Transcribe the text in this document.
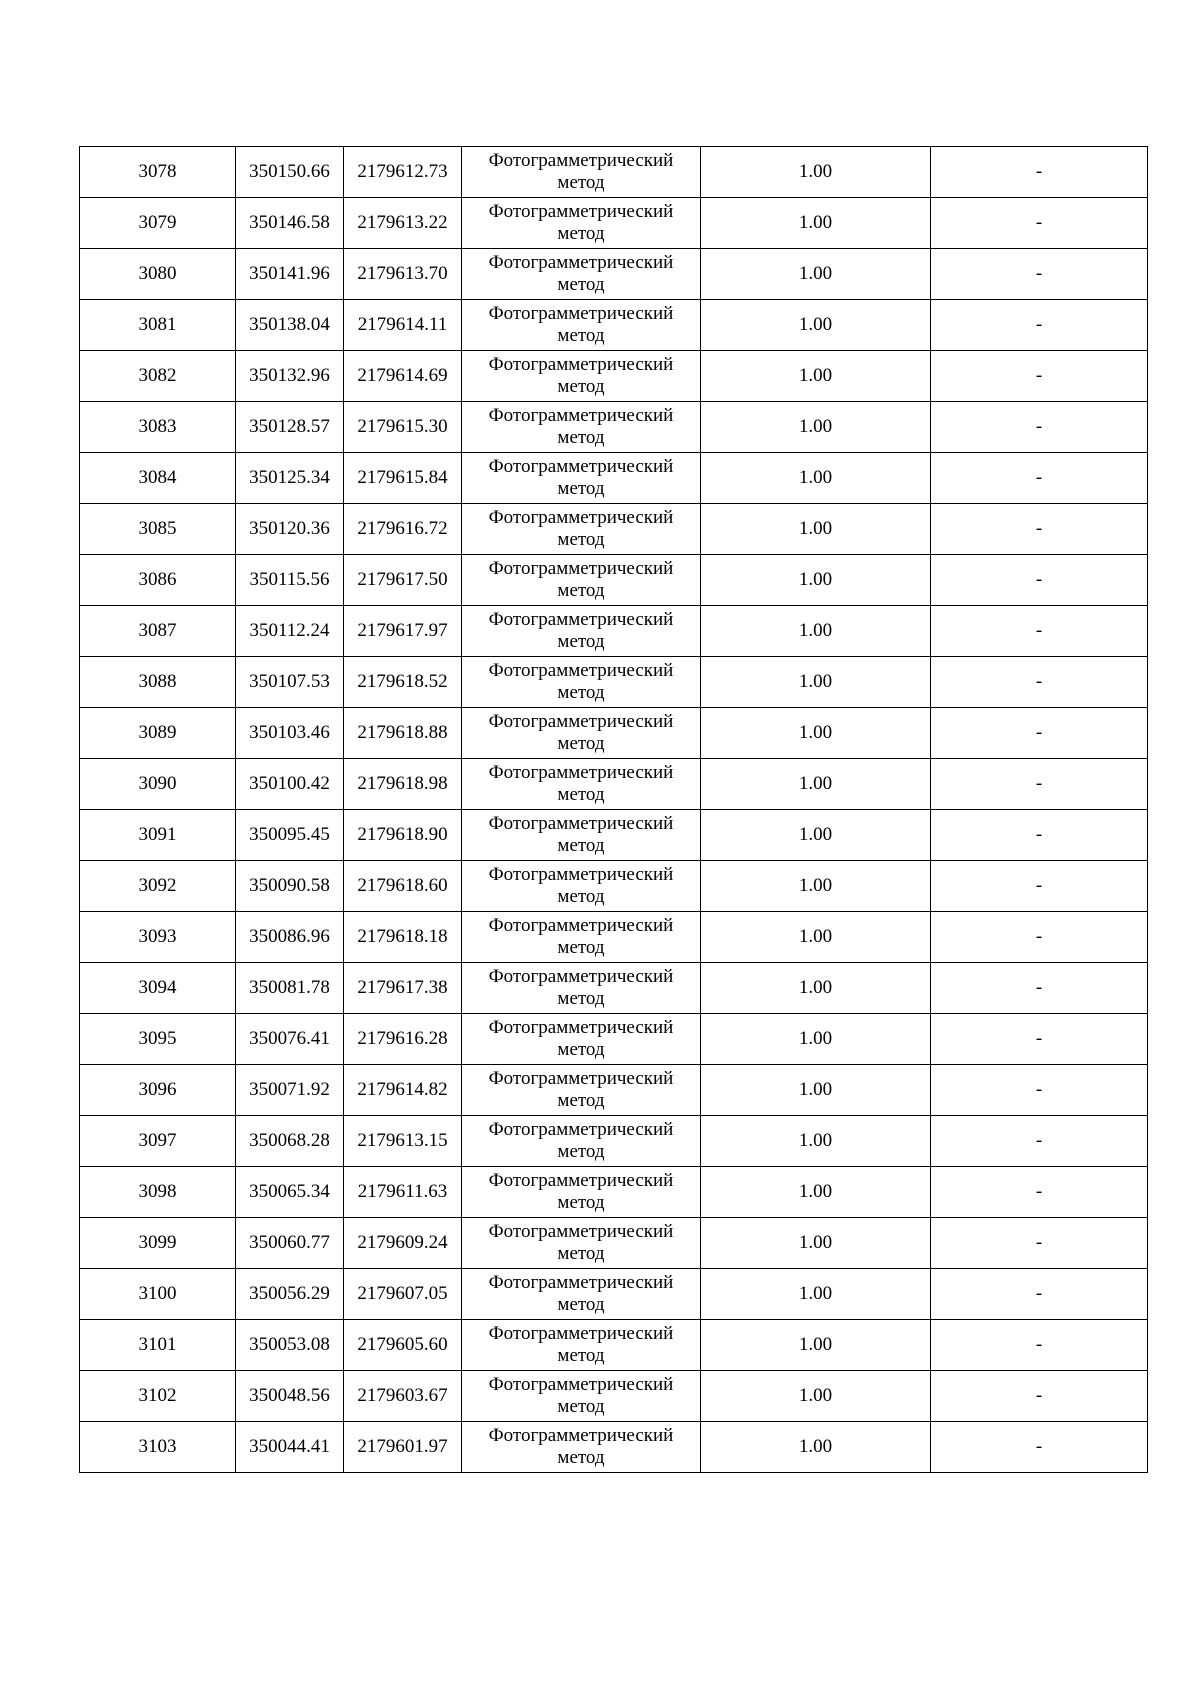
3078	350150.66	2179612.73	Фотограмметрический
метод	1.00	-
3079	350146.58	2179613.22	Фотограмметрический
метод	1.00	-
3080	350141.96	2179613.70	Фотограмметрический
метод	1.00	-
3081	350138.04	2179614.11	Фотограмметрический
метод	1.00	-
3082	350132.96	2179614.69	Фотограмметрический
метод	1.00	-
3083	350128.57	2179615.30	Фотограмметрический
метод	1.00	-
3084	350125.34	2179615.84	Фотограмметрический
метод	1.00	-
3085	350120.36	2179616.72	Фотограмметрический
метод	1.00	-
3086	350115.56	2179617.50	Фотограмметрический
метод	1.00	-
3087	350112.24	2179617.97	Фотограмметрический
метод	1.00	-
3088	350107.53	2179618.52	Фотограмметрический
метод	1.00	-
3089	350103.46	2179618.88	Фотограмметрический
метод	1.00	-
3090	350100.42	2179618.98	Фотограмметрический
метод	1.00	-
3091	350095.45	2179618.90	Фотограмметрический
метод	1.00	-
3092	350090.58	2179618.60	Фотограмметрический
метод	1.00	-
3093	350086.96	2179618.18	Фотограмметрический
метод	1.00	-
3094	350081.78	2179617.38	Фотограмметрический
метод	1.00	-
3095	350076.41	2179616.28	Фотограмметрический
метод	1.00	-
3096	350071.92	2179614.82	Фотограмметрический
метод	1.00	-
3097	350068.28	2179613.15	Фотограмметрический
метод	1.00	-
3098	350065.34	2179611.63	Фотограмметрический
метод	1.00	-
3099	350060.77	2179609.24	Фотограмметрический
метод	1.00	-
3100	350056.29	2179607.05	Фотограмметрический
метод	1.00	-
3101	350053.08	2179605.60	Фотограмметрический
метод	1.00	-
3102	350048.56	2179603.67	Фотограмметрический
метод	1.00	-
3103	350044.41	2179601.97	Фотограмметрический
метод	1.00	-
